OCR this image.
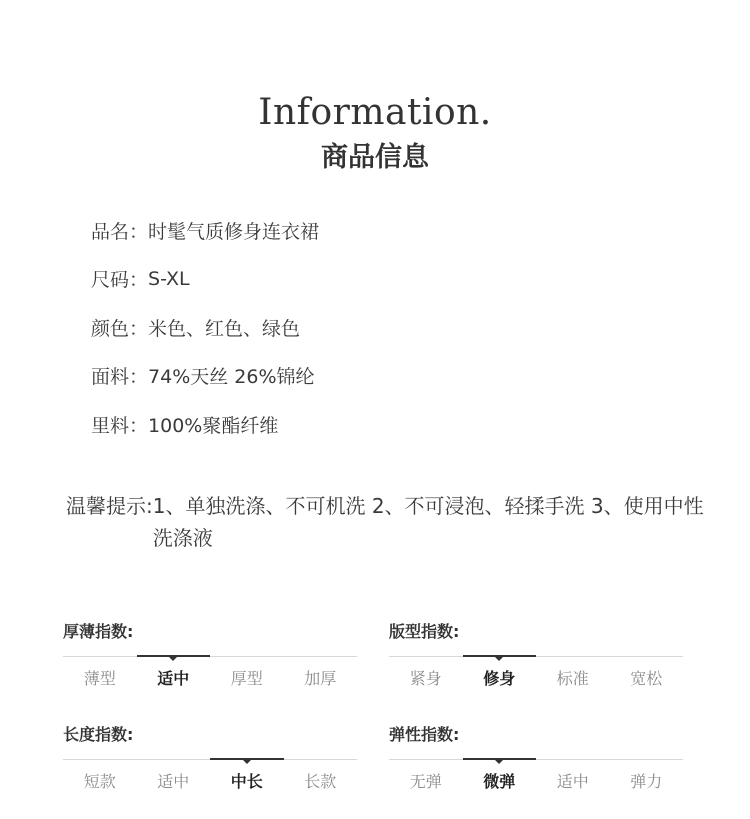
Information.
商品信息
品名： 时髦气质修身连衣裙
尺码： S-XL
颜色： 米色、红色、绿色
面料： 74%天丝 26%锦纶
里料： 100%聚酯纤维
温馨提示: 1、单独洗涤、不可机洗 2、不可浸泡、轻揉手洗 3、使用中性洗涤液
厚薄指数:
薄型	适中	厚型	加厚
版型指数:
紧身	修身	标准	宽松
长度指数:
短款	适中	中长	长款
弹性指数:
无弹	微弹	适中	弹力
